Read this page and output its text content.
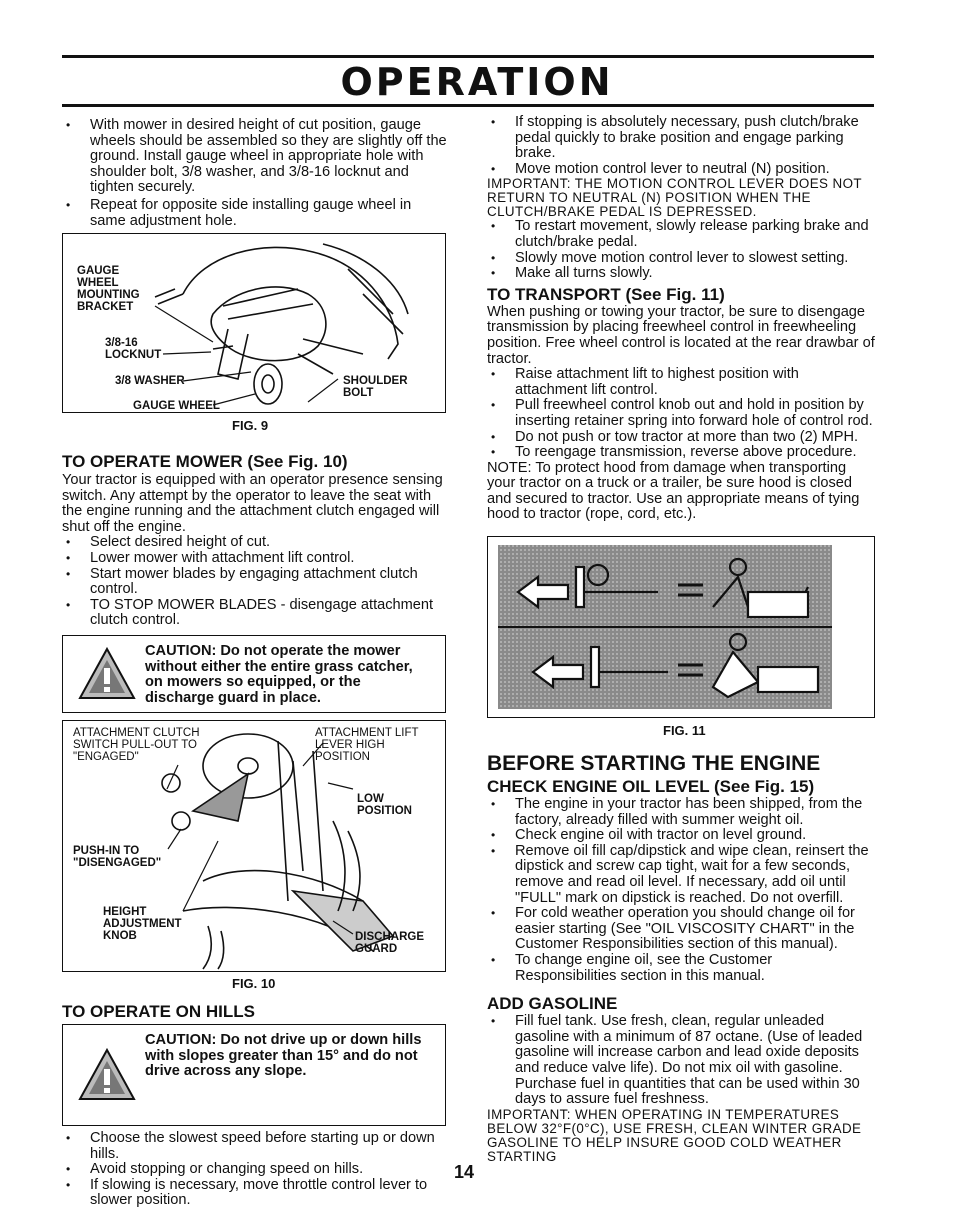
OPERATION

• With mower in desired height of cut position, gauge wheels should be assembled so they are slightly off the ground. Install gauge wheel in appropriate hole with shoulder bolt, 3/8 washer, and 3/8-16 locknut and tighten securely.

• Repeat for opposite side installing gauge wheel in same adjustment hole.

GAUGE
WHEEL
MOUNTING
BRACKET
3/8-16
LOCKNUT
3/8 WASHER
GAUGE WHEEL
SHOULDER
BOLT
FIG. 9
TO OPERATE MOWER (See Fig. 10)

Your tractor is equipped with an operator presence sensing switch. Any attempt by the operator to leave the seat with the engine running and the attachment clutch engaged will shut off the engine.

• Select desired height of cut.

• Lower mower with attachment lift control.

• Start mower blades by engaging attachment clutch control.

• TO STOP MOWER BLADES - disengage attachment clutch control.

CAUTION: Do not operate the mower without either the entire grass catcher, on mowers so equipped, or the discharge guard in place.
ATTACHMENT CLUTCH
SWITCH PULL-OUT TO
"ENGAGED"
ATTACHMENT LIFT
LEVER HIGH
POSITION
LOW
POSITION
PUSH-IN TO
"DISENGAGED"
HEIGHT
ADJUSTMENT
KNOB	DISCHARGE
GUARD
FIG. 10
TO OPERATE ON HILLS
CAUTION: Do not drive up or down hills with slopes greater than 15° and do not drive across any slope.

• Choose the slowest speed before starting up or down hills.

• Avoid stopping or changing speed on hills.

• If slowing is necessary, move throttle control lever to slower position.

14

• If stopping is absolutely necessary, push clutch/brake pedal quickly to brake position and engage parking brake.

• Move motion control lever to neutral (N) position.

IMPORTANT: THE MOTION CONTROL LEVER DOES NOT RETURN TO NEUTRAL (N) POSITION WHEN THE CLUTCH/BRAKE PEDAL IS DEPRESSED.

• To restart movement, slowly release parking brake and clutch/brake pedal.

• Slowly move motion control lever to slowest setting.

• Make all turns slowly.

TO TRANSPORT (See Fig. 11)

When pushing or towing your tractor, be sure to disengage transmission by placing freewheel control in freewheeling position. Free wheel control is located at the rear drawbar of tractor.

• Raise attachment lift to highest position with attachment lift control.

• Pull freewheel control knob out and hold in position by inserting retainer spring into forward hole of control rod.

• Do not push or tow tractor at more than two (2) MPH.

• To reengage transmission, reverse above procedure.

NOTE: To protect hood from damage when transporting your tractor on a truck or a trailer, be sure hood is closed and secured to tractor. Use an appropriate means of tying hood to tractor (rope, cord, etc.).

FIG. 11
BEFORE STARTING THE ENGINE
CHECK ENGINE OIL LEVEL (See Fig. 15)

• The engine in your tractor has been shipped, from the factory, already filled with summer weight oil.

• Check engine oil with tractor on level ground.

• Remove oil fill cap/dipstick and wipe clean, reinsert the dipstick and screw cap tight, wait for a few seconds, remove and read oil level. If necessary, add oil until "FULL" mark on dipstick is reached. Do not overfill.

• For cold weather operation you should change oil for easier starting (See "OIL VISCOSITY CHART" in the Customer Responsibilities section of this manual).

• To change engine oil, see the Customer Responsibilities section in this manual.

ADD GASOLINE

• Fill fuel tank. Use fresh, clean, regular unleaded gasoline with a minimum of 87 octane. (Use of leaded gasoline will increase carbon and lead oxide deposits and reduce valve life). Do not mix oil with gasoline. Purchase fuel in quantities that can be used within 30 days to assure fuel freshness.

IMPORTANT: WHEN OPERATING IN TEMPERATURES BELOW 32°F(0°C), USE FRESH, CLEAN WINTER GRADE GASOLINE TO HELP INSURE GOOD COLD WEATHER STARTING
